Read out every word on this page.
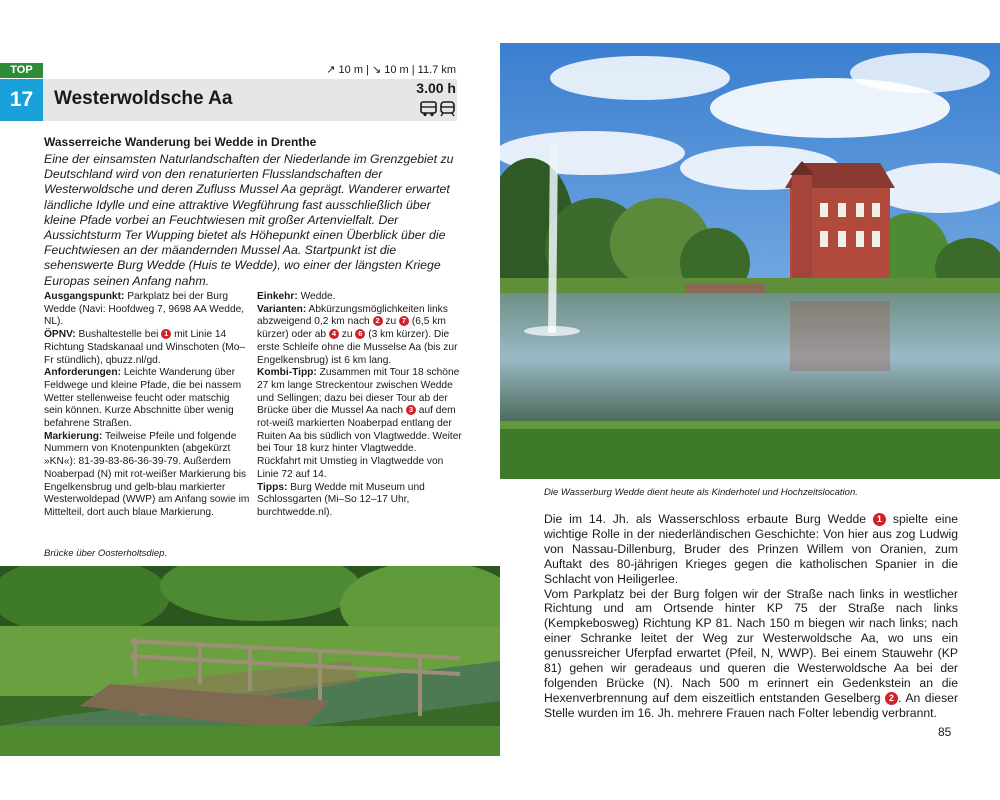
TOP
17	Westerwoldsche Aa
↗ 10 m | ↘ 10 m | 11.7 km
3.00 h
Wasserreiche Wanderung bei Wedde in Drenthe
Eine der einsamsten Naturlandschaften der Niederlande im Grenzgebiet zu Deutschland wird von den renaturierten Flusslandschaften der Westerwoldsche und deren Zufluss Mussel Aa geprägt. Wanderer erwartet ländliche Idylle und eine attraktive Wegführung fast ausschließlich über kleine Pfade vorbei an Feuchtwiesen mit großer Artenvielfalt. Der Aussichtsturm Ter Wupping bietet als Höhepunkt einen Überblick über die Feuchtwiesen an der mäandernden Mussel Aa. Startpunkt ist die sehenswerte Burg Wedde (Huis te Wedde), wo einer der längsten Kriege Europas seinen Anfang nahm.
Ausgangspunkt: Parkplatz bei der Burg Wedde (Navi: Hoofdweg 7, 9698 AA Wedde, NL).
ÖPNV: Bushaltestelle bei 1 mit Linie 14 Richtung Stadskanaal und Winschoten (Mo–Fr stündlich), qbuzz.nl/gd.
Anforderungen: Leichte Wanderung über Feldwege und kleine Pfade, die bei nassem Wetter stellenweise feucht oder matschig sein können. Kurze Abschnitte über wenig befahrene Straßen.
Markierung: Teilweise Pfeile und folgende Nummern von Knotenpunkten (abgekürzt »KN«): 81-39-83-86-36-39-79. Außerdem Noaberpad (N) mit rot-weißer Markierung bis Engelkensbrug und gelb-blau markierter Westerwoldepad (WWP) am Anfang sowie im Mittelteil, dort auch blaue Markierung.
Einkehr: Wedde.
Varianten: Abkürzungsmöglichkeiten links abzweigend 0,2 km nach 2 zu 7 (6,5 km kürzer) oder ab 4 zu 6 (3 km kürzer). Die erste Schleife ohne die Musselse Aa (bis zur Engelkensbrug) ist 6 km lang.
Kombi-Tipp: Zusammen mit Tour 18 schöne 27 km lange Streckentour zwischen Wedde und Sellingen; dazu bei dieser Tour ab der Brücke über die Mussel Aa nach 3 auf dem rot-weiß markierten Noaberpad entlang der Ruiten Aa bis südlich von Vlagtwedde. Weiter bei Tour 18 kurz hinter Vlagtwedde. Rückfahrt mit Umstieg in Vlagtwedde von Linie 72 auf 14.
Tipps: Burg Wedde mit Museum und Schlossgarten (Mi–So 12–17 Uhr, burchtwedde.nl).
Brücke über Oosterholtsdiep.
Die Wasserburg Wedde dient heute als Kinderhotel und Hochzeitslocation.
Die im 14. Jh. als Wasserschloss erbaute Burg Wedde 1 spielte eine wichtige Rolle in der niederländischen Geschichte: Von hier aus zog Ludwig von Nassau-Dillenburg, Bruder des Prinzen Willem von Oranien, zum Auftakt des 80-jährigen Krieges gegen die katholischen Spanier in die Schlacht von Heiligerlee.
Vom Parkplatz bei der Burg folgen wir der Straße nach links in westlicher Richtung und am Ortsende hinter KP 75 der Straße nach links (Kempkebosweg) Richtung KP 81. Nach 150 m biegen wir nach links; nach einer Schranke leitet der Weg zur Westerwoldsche Aa, wo uns ein genussreicher Uferpfad erwartet (Pfeil, N, WWP). Bei einem Stauwehr (KP 81) gehen wir geradeaus und queren die Westerwoldsche Aa bei der folgenden Brücke (N). Nach 500 m erinnert ein Gedenkstein an die Hexenverbrennung auf dem eiszeitlich entstanden Geselberg 2 . An dieser Stelle wurden im 16. Jh. mehrere Frauen nach Folter lebendig verbrannt.
85
